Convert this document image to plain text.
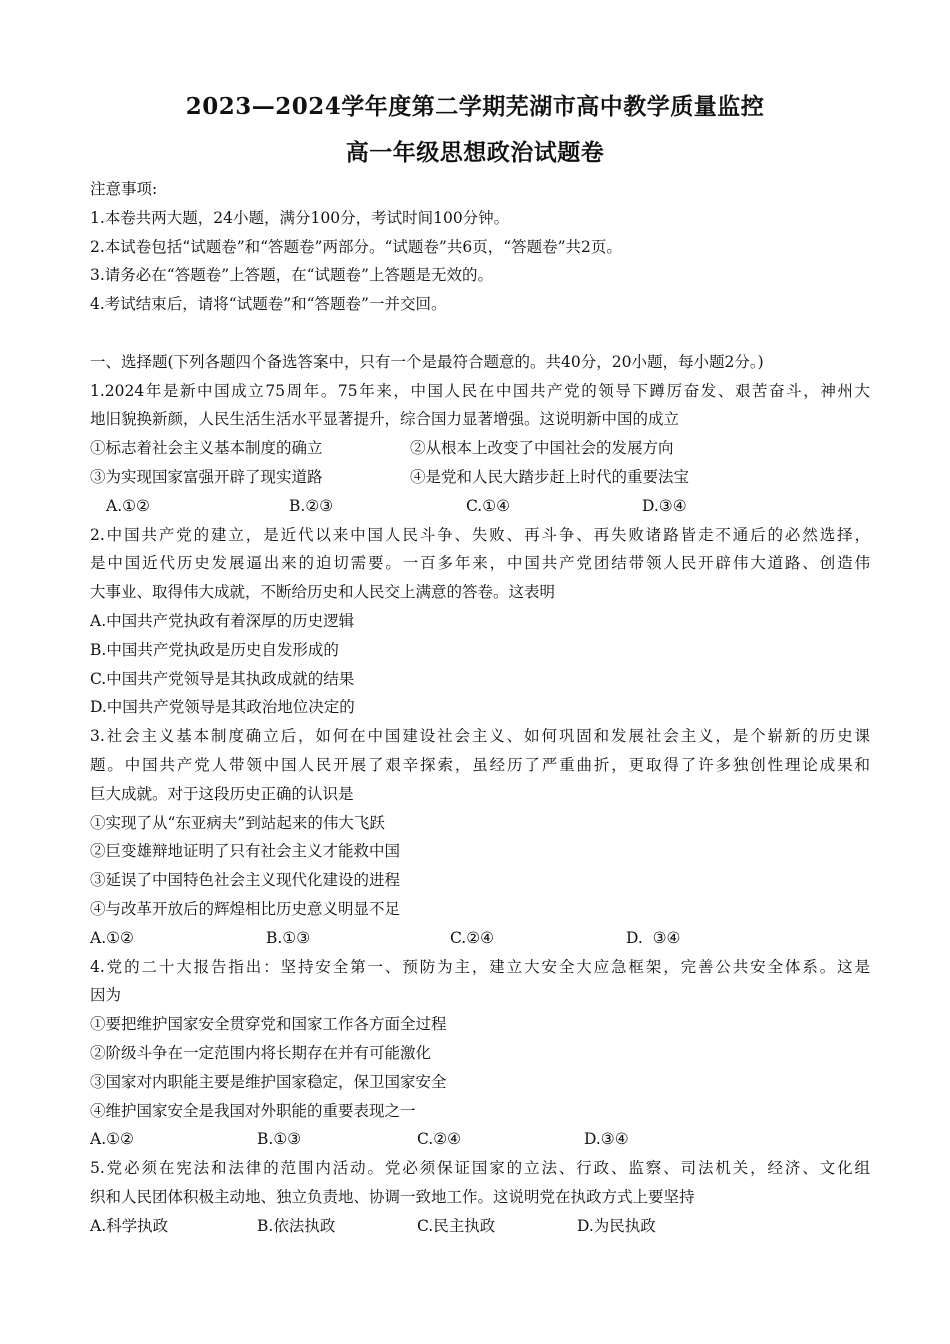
2023—2024学年度第二学期芜湖市高中教学质量监控
高一年级思想政治试题卷
注意事项:
1.本卷共两大题，24小题，满分100分，考试时间100分钟。
2.本试卷包括“试题卷”和“答题卷”两部分。“试题卷”共6页，“答题卷”共2页。
3.请务必在“答题卷”上答题，在“试题卷”上答题是无效的。
4.考试结束后，请将“试题卷”和“答题卷”一并交回。
一、选择题(下列各题四个备选答案中，只有一个是最符合题意的。共40分，20小题，每小题2分。)
1.2024年是新中国成立75周年。75年来，中国人民在中国共产党的领导下蹲厉奋发、艰苦奋斗，神州大
地旧貌换新颜，人民生活生活水平显著提升，综合国力显著增强。这说明新中国的成立
①标志着社会主义基本制度的确立	②从根本上改变了中国社会的发展方向
③为实现国家富强开辟了现实道路	④是党和人民大踏步赶上时代的重要法宝
A.①②	B.②③	C.①④	D.③④
2.中国共产党的建立，是近代以来中国人民斗争、失败、再斗争、再失败诸路皆走不通后的必然选择，
是中国近代历史发展逼出来的迫切需要。一百多年来，中国共产党团结带领人民开辟伟大道路、创造伟
大事业、取得伟大成就，不断给历史和人民交上满意的答卷。这表明
A.中国共产党执政有着深厚的历史逻辑
B.中国共产党执政是历史自发形成的
C.中国共产党领导是其执政成就的结果
D.中国共产党领导是其政治地位决定的
3.社会主义基本制度确立后，如何在中国建设社会主义、如何巩固和发展社会主义，是个崭新的历史课
题。中国共产党人带领中国人民开展了艰辛探索，虽经历了严重曲折，更取得了许多独创性理论成果和
巨大成就。对于这段历史正确的认识是
①实现了从“东亚病夫”到站起来的伟大飞跃
②巨变雄辩地证明了只有社会主义才能救中国
③延误了中国特色社会主义现代化建设的进程
④与改革开放后的辉煌相比历史意义明显不足
A.①②	B.①③	C.②④	D.  ③④
4.党的二十大报告指出：坚持安全第一、预防为主，建立大安全大应急框架，完善公共安全体系。这是
因为
①要把维护国家安全贯穿党和国家工作各方面全过程
②阶级斗争在一定范围内将长期存在并有可能激化
③国家对内职能主要是维护国家稳定，保卫国家安全
④维护国家安全是我国对外职能的重要表现之一
A.①②	B.①③	C.②④	D.③④
5.党必须在宪法和法律的范围内活动。党必须保证国家的立法、行政、监察、司法机关，经济、文化组
织和人民团体积极主动地、独立负责地、协调一致地工作。这说明党在执政方式上要坚持
A.科学执政	B.依法执政	C.民主执政	D.为民执政
